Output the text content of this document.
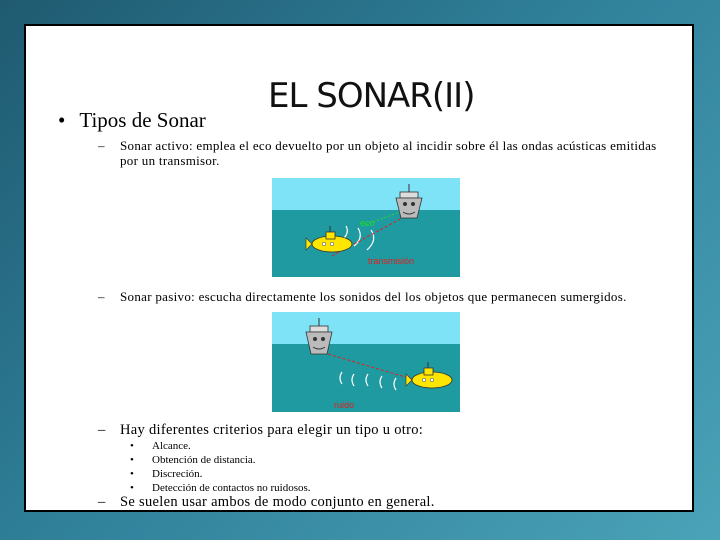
EL SONAR(II)
• Tipos de Sonar
– Sonar activo: emplea el eco devuelto por un objeto al incidir sobre él las ondas acústicas emitidas por un transmisor.
eco
transmisión
– Sonar pasivo: escucha directamente los sonidos del los objetos que permanecen sumergidos.
ruido
– Hay diferentes criterios para elegir un tipo u otro:
• Alcance.
• Obtención de distancia.
• Discreción.
• Detección de contactos no ruidosos.
– Se suelen usar ambos de modo conjunto en general.
